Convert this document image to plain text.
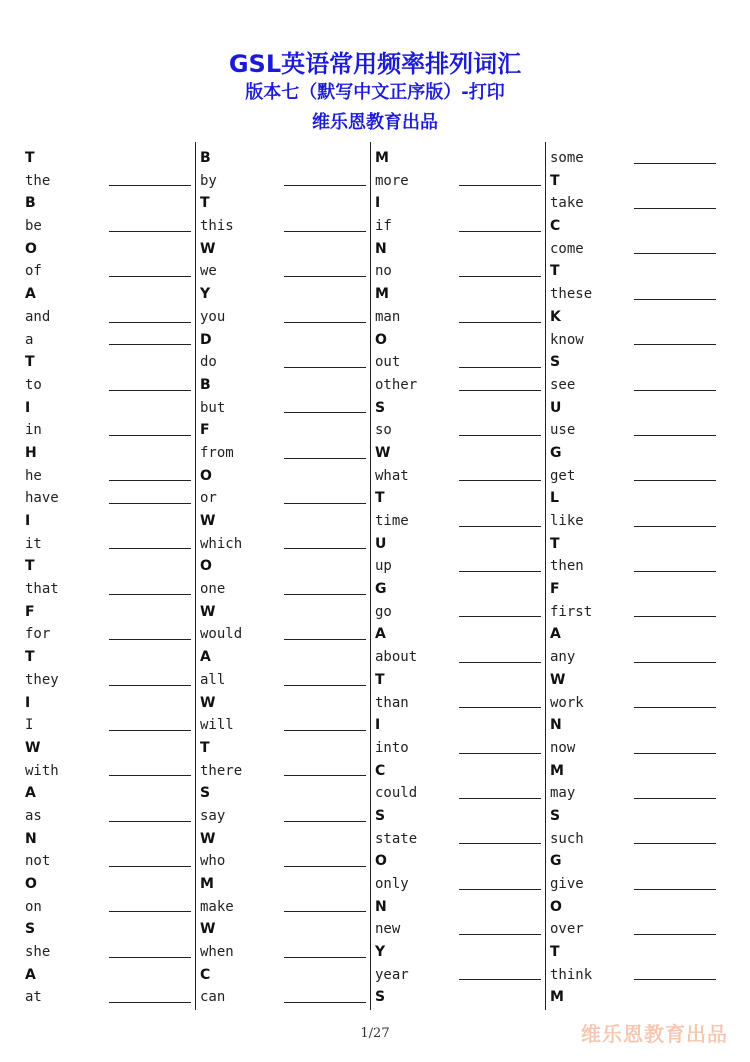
GSL英语常用频率排列词汇
版本七（默写中文正序版）-打印
维乐恩教育出品
T
the
B
be
O
of
A
and
a
T
to
I
in
H
he
have
I
it
T
that
F
for
T
they
I
I
W
with
A
as
N
not
O
on
S
she
A
at
B
by
T
this
W
we
Y
you
D
do
B
but
F
from
O
or
W
which
O
one
W
would
A
all
W
will
T
there
S
say
W
who
M
make
W
when
C
can
M
more
I
if
N
no
M
man
O
out
other
S
so
W
what
T
time
U
up
G
go
A
about
T
than
I
into
C
could
S
state
O
only
N
new
Y
year
S
some
T
take
C
come
T
these
K
know
S
see
U
use
G
get
L
like
T
then
F
first
A
any
W
work
N
now
M
may
S
such
G
give
O
over
T
think
M
1/27	维乐恩教育出品
